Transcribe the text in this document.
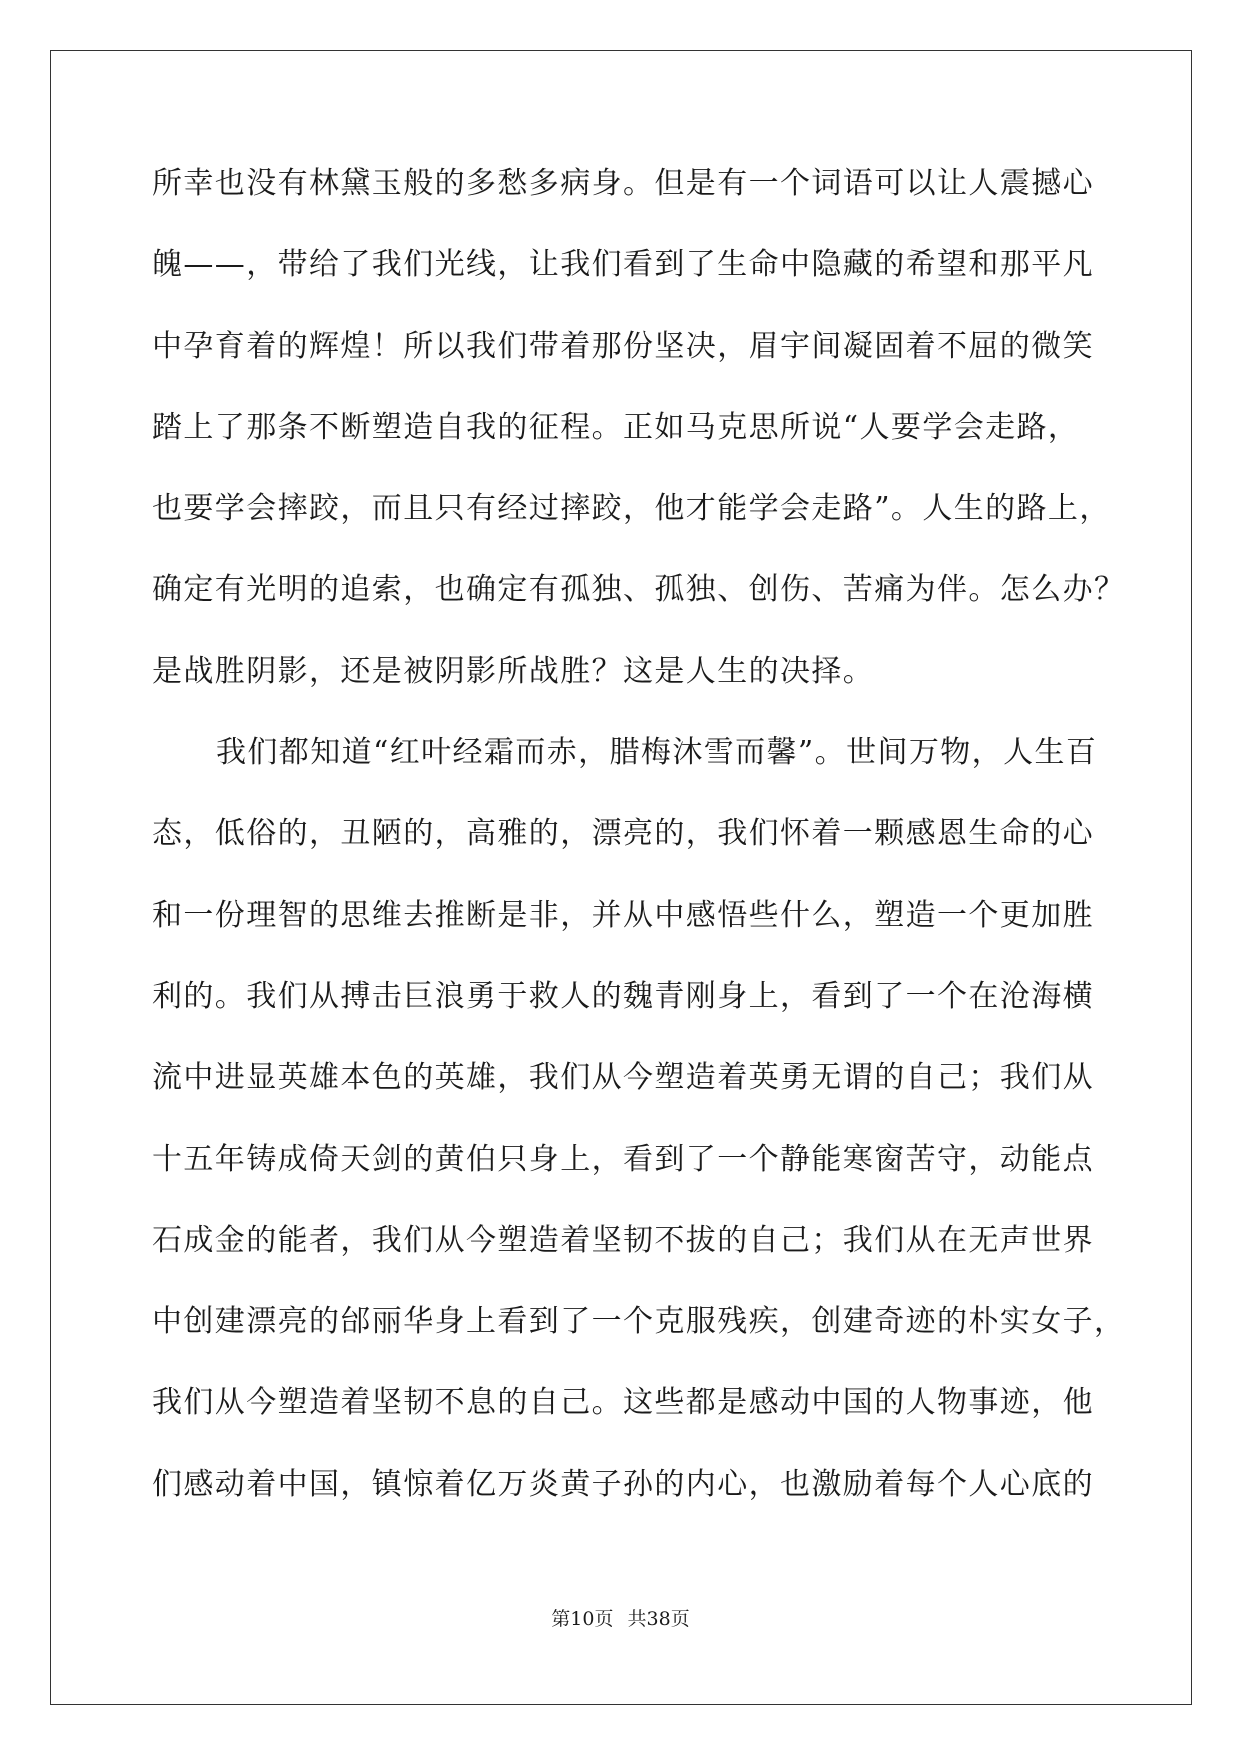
所幸也没有林黛玉般的多愁多病身。但是有一个词语可以让人震撼心
魄——，带给了我们光线，让我们看到了生命中隐藏的希望和那平凡
中孕育着的辉煌！所以我们带着那份坚决，眉宇间凝固着不屈的微笑
踏上了那条不断塑造自我的征程。正如马克思所说“人要学会走路，
也要学会摔跤，而且只有经过摔跤，他才能学会走路”。人生的路上，
确定有光明的追索，也确定有孤独、孤独、创伤、苦痛为伴。怎么办？
是战胜阴影，还是被阴影所战胜？这是人生的决择。
我们都知道“红叶经霜而赤，腊梅沐雪而馨”。世间万物，人生百
态，低俗的，丑陋的，高雅的，漂亮的，我们怀着一颗感恩生命的心
和一份理智的思维去推断是非，并从中感悟些什么，塑造一个更加胜
利的。我们从搏击巨浪勇于救人的魏青刚身上，看到了一个在沧海横
流中进显英雄本色的英雄，我们从今塑造着英勇无谓的自己；我们从
十五年铸成倚天剑的黄伯只身上，看到了一个静能寒窗苦守，动能点
石成金的能者，我们从今塑造着坚韧不拔的自己；我们从在无声世界
中创建漂亮的邰丽华身上看到了一个克服残疾，创建奇迹的朴实女子，
我们从今塑造着坚韧不息的自己。这些都是感动中国的人物事迹，他
们感动着中国，镇惊着亿万炎黄子孙的内心，也激励着每个人心底的
第10页 共38页
